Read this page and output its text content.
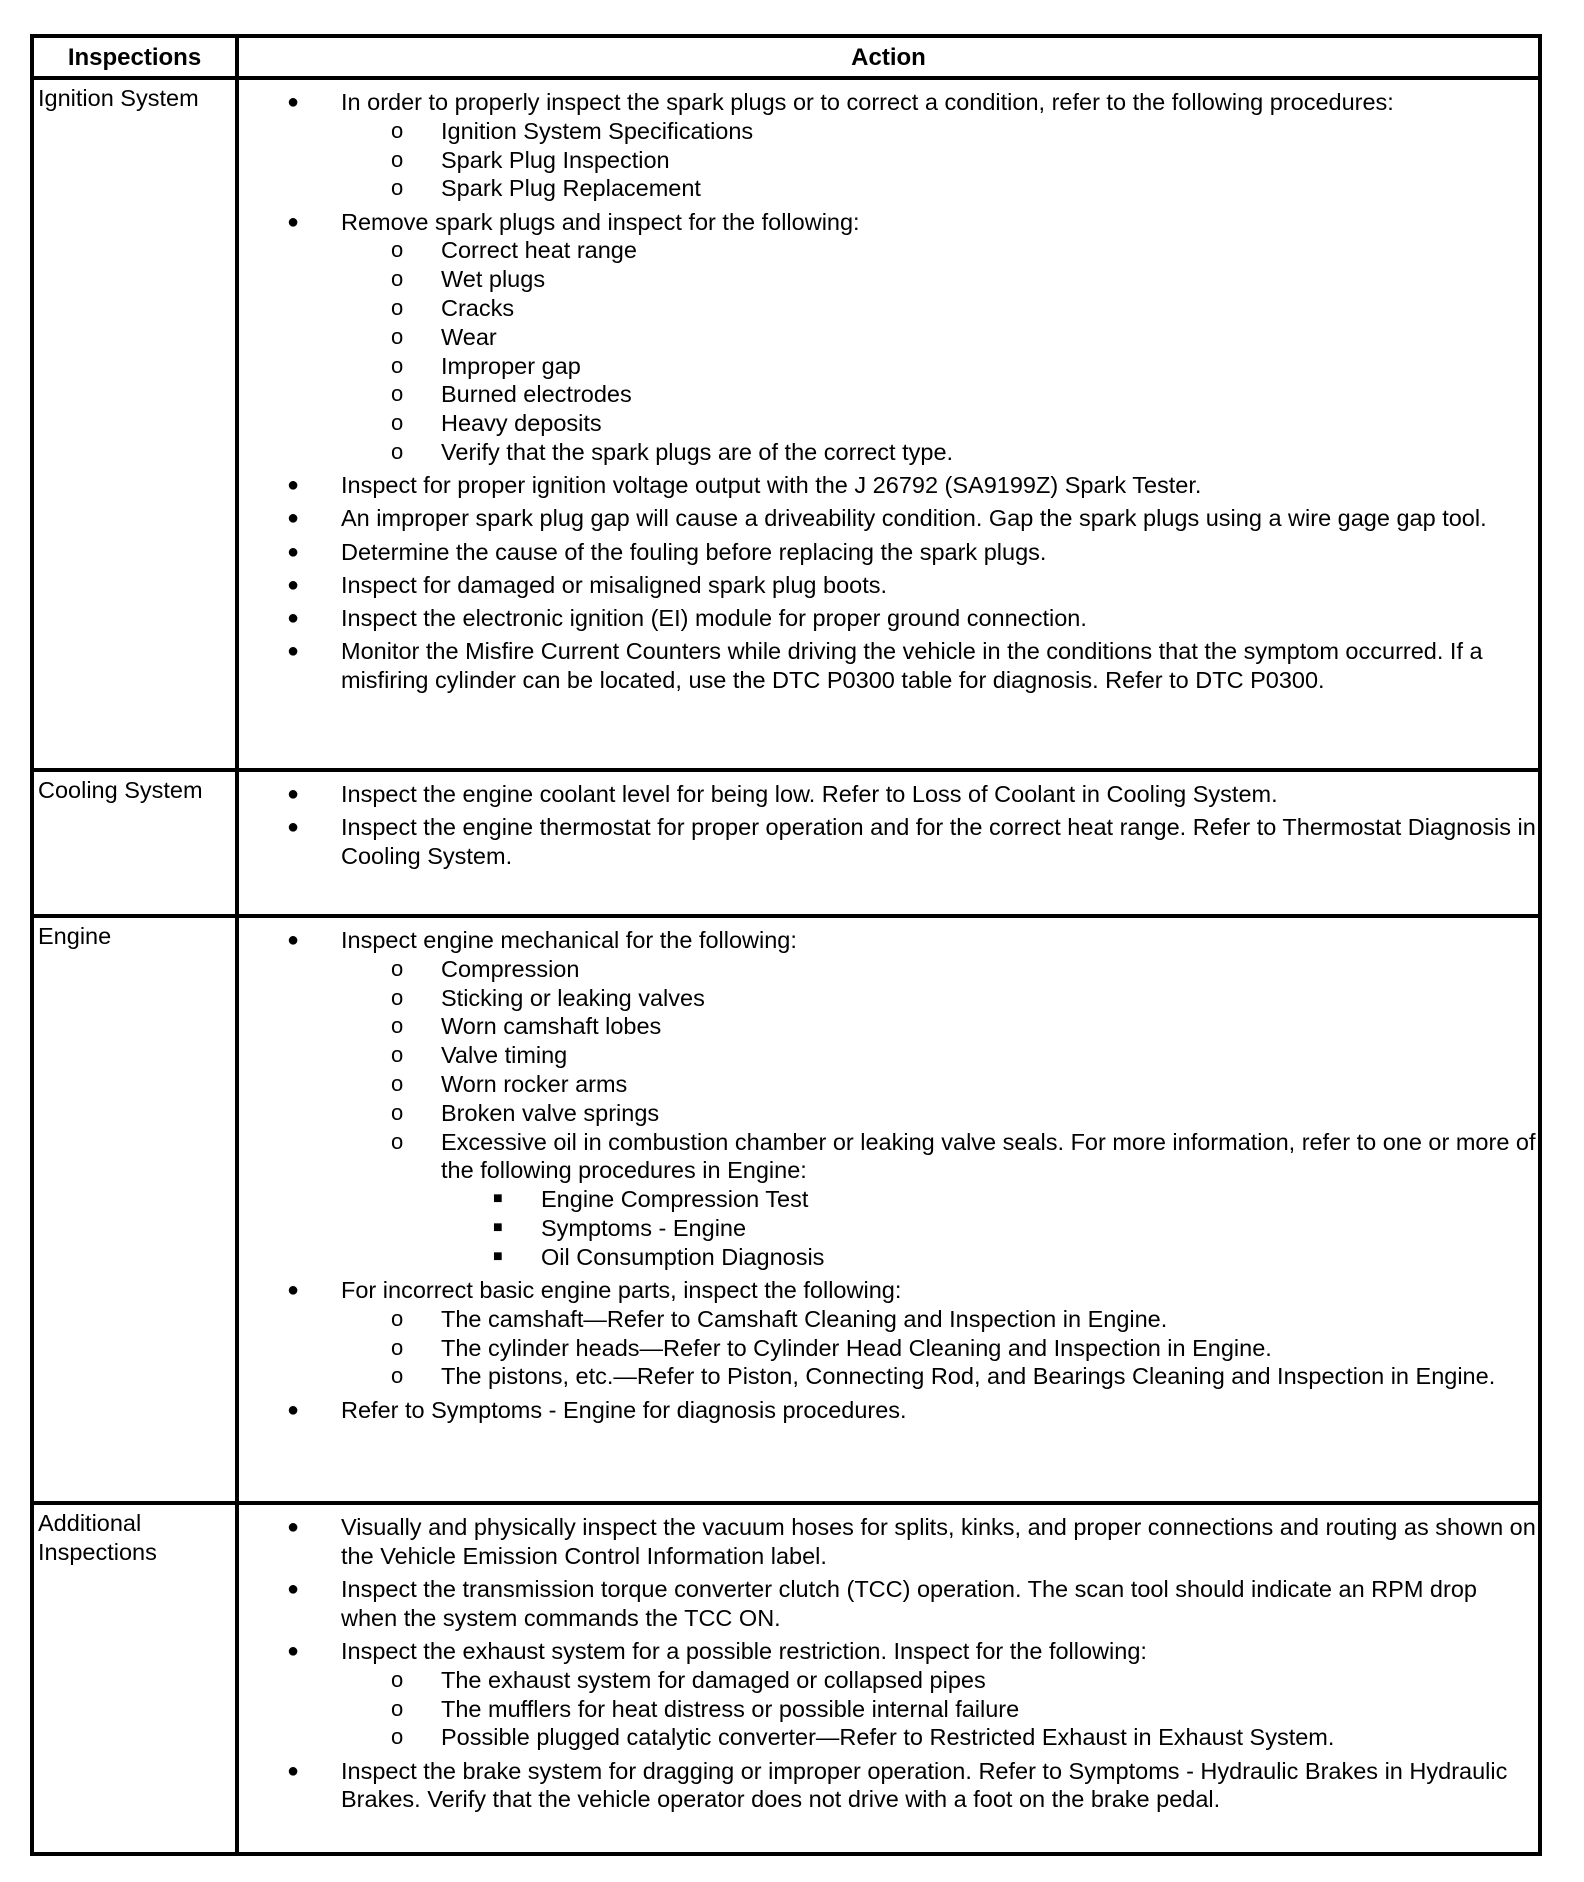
Inspections	Action
Ignition System
Cooling System
Engine
Additional Inspections
● In order to properly inspect the spark plugs or to correct a condition, refer to the following procedures:
o Ignition System Specifications
o Spark Plug Inspection
o Spark Plug Replacement
● Remove spark plugs and inspect for the following:
o Correct heat range
o Wet plugs
o Cracks
o Wear
o Improper gap
o Burned electrodes
o Heavy deposits
o Verify that the spark plugs are of the correct type.
● Inspect for proper ignition voltage output with the J 26792 (SA9199Z) Spark Tester.
● An improper spark plug gap will cause a driveability condition. Gap the spark plugs using a wire gage gap tool.
● Determine the cause of the fouling before replacing the spark plugs.
● Inspect for damaged or misaligned spark plug boots.
● Inspect the electronic ignition (EI) module for proper ground connection.
● Monitor the Misfire Current Counters while driving the vehicle in the conditions that the symptom occurred. If a misfiring cylinder can be located, use the DTC P0300 table for diagnosis. Refer to DTC P0300.
● Inspect the engine coolant level for being low. Refer to Loss of Coolant in Cooling System.
● Inspect the engine thermostat for proper operation and for the correct heat range. Refer to Thermostat Diagnosis in Cooling System.
● Inspect engine mechanical for the following:
o Compression
o Sticking or leaking valves
o Worn camshaft lobes
o Valve timing
o Worn rocker arms
o Broken valve springs
o Excessive oil in combustion chamber or leaking valve seals. For more information, refer to one or more of the following procedures in Engine:
■ Engine Compression Test
■ Symptoms - Engine
■ Oil Consumption Diagnosis
● For incorrect basic engine parts, inspect the following:
o The camshaft—Refer to Camshaft Cleaning and Inspection in Engine.
o The cylinder heads—Refer to Cylinder Head Cleaning and Inspection in Engine.
o The pistons, etc.—Refer to Piston, Connecting Rod, and Bearings Cleaning and Inspection in Engine.
● Refer to Symptoms - Engine for diagnosis procedures.
● Visually and physically inspect the vacuum hoses for splits, kinks, and proper connections and routing as shown on the Vehicle Emission Control Information label.
● Inspect the transmission torque converter clutch (TCC) operation. The scan tool should indicate an RPM drop when the system commands the TCC ON.
● Inspect the exhaust system for a possible restriction. Inspect for the following:
o The exhaust system for damaged or collapsed pipes
o The mufflers for heat distress or possible internal failure
o Possible plugged catalytic converter—Refer to Restricted Exhaust in Exhaust System.
● Inspect the brake system for dragging or improper operation. Refer to Symptoms - Hydraulic Brakes in Hydraulic Brakes. Verify that the vehicle operator does not drive with a foot on the brake pedal.
